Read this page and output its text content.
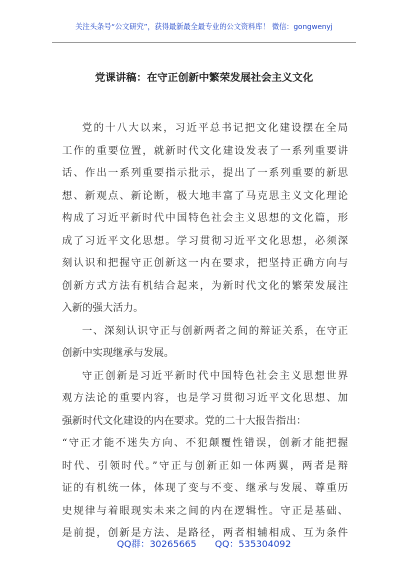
关注头条号“公文研究”，获得最新最全最专业的公文资料库！ 微信：gongwenyj
党课讲稿：在守正创新中繁荣发展社会主义文化
党的十八大以来，习近平总书记把文化建设摆在全局
工作的重要位置，就新时代文化建设发表了一系列重要讲
话、作出一系列重要指示批示，提出了一系列重要的新思
想、新观点、新论断，极大地丰富了马克思主义文化理论
构成了习近平新时代中国特色社会主义思想的文化篇，形
成了习近平文化思想。学习贯彻习近平文化思想，必须深
刻认识和把握守正创新这一内在要求，把坚持正确方向与
创新方式方法有机结合起来，为新时代文化的繁荣发展注
入新的强大活力。
一、深刻认识守正与创新两者之间的辩证关系，在守正
创新中实现继承与发展。
守正创新是习近平新时代中国特色社会主义思想世界
观方法论的重要内容，也是学习贯彻习近平文化思想、加
强新时代文化建设的内在要求。党的二十大报告指出：
“守正才能不迷失方向、不犯颠覆性错误，创新才能把握
时代、引领时代。”守正与创新正如一体两翼，两者是辩
证的有机统一体，体现了变与不变、继承与发展、尊重历
史规律与着眼现实未来之间的内在逻辑性。守正是基础、
是前提，创新是方法、是路径，两者相辅相成、互为条件
QQ群：30265665　　QQ：535304092
